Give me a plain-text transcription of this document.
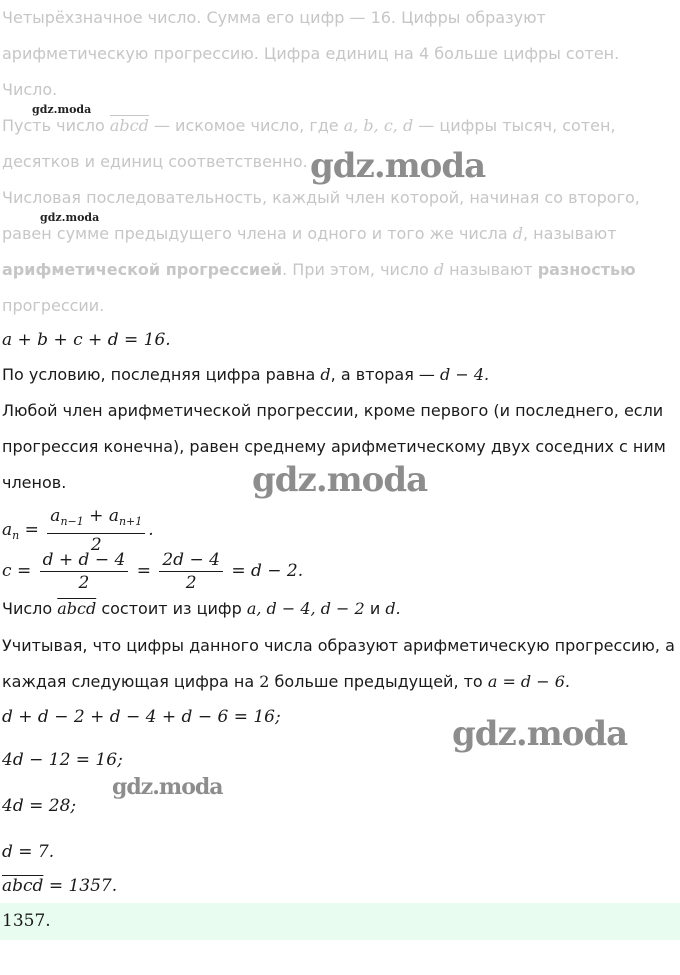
Четырёхзначное число. Сумма его цифр — 16. Цифры образуют
арифметическую прогрессию. Цифра единиц на 4 больше цифры сотен.
Число.
Пусть число abcd — искомое число, где a, b, c, d — цифры тысяч, сотен,
десятков и единиц соответственно.
Числовая последовательность, каждый член которой, начиная со второго,
равен сумме предыдущего члена и одного и того же числа d, называют
арифметической прогрессией. При этом, число d называют разностью
прогрессии.
a + b + c + d = 16.
По условию, последняя цифра равна d, а вторая — d − 4.
Любой член арифметической прогрессии, кроме первого (и последнего, если
прогрессия конечна), равен среднему арифметическому двух соседних с ним
членов.
$a_n = \frac{a_{n-1} + a_{n+1}}{2}$ .
$c = \frac{d + d - 4}{2} = \frac{2d - 4}{2} = d - 2$.
Число abcd состоит из цифр a, d − 4, d − 2 и d.
Учитывая, что цифры данного числа образуют арифметическую прогрессию, а
каждая следующая цифра на 2 больше предыдущей, то a = d − 6.
d + d − 2 + d − 4 + d − 6 = 16;
4d − 12 = 16;
4d = 28;
d = 7.
abcd = 1357.
1357.
gdz.moda
gdz.moda
gdz.moda
gdz.moda
gdz.moda
gdz.moda
